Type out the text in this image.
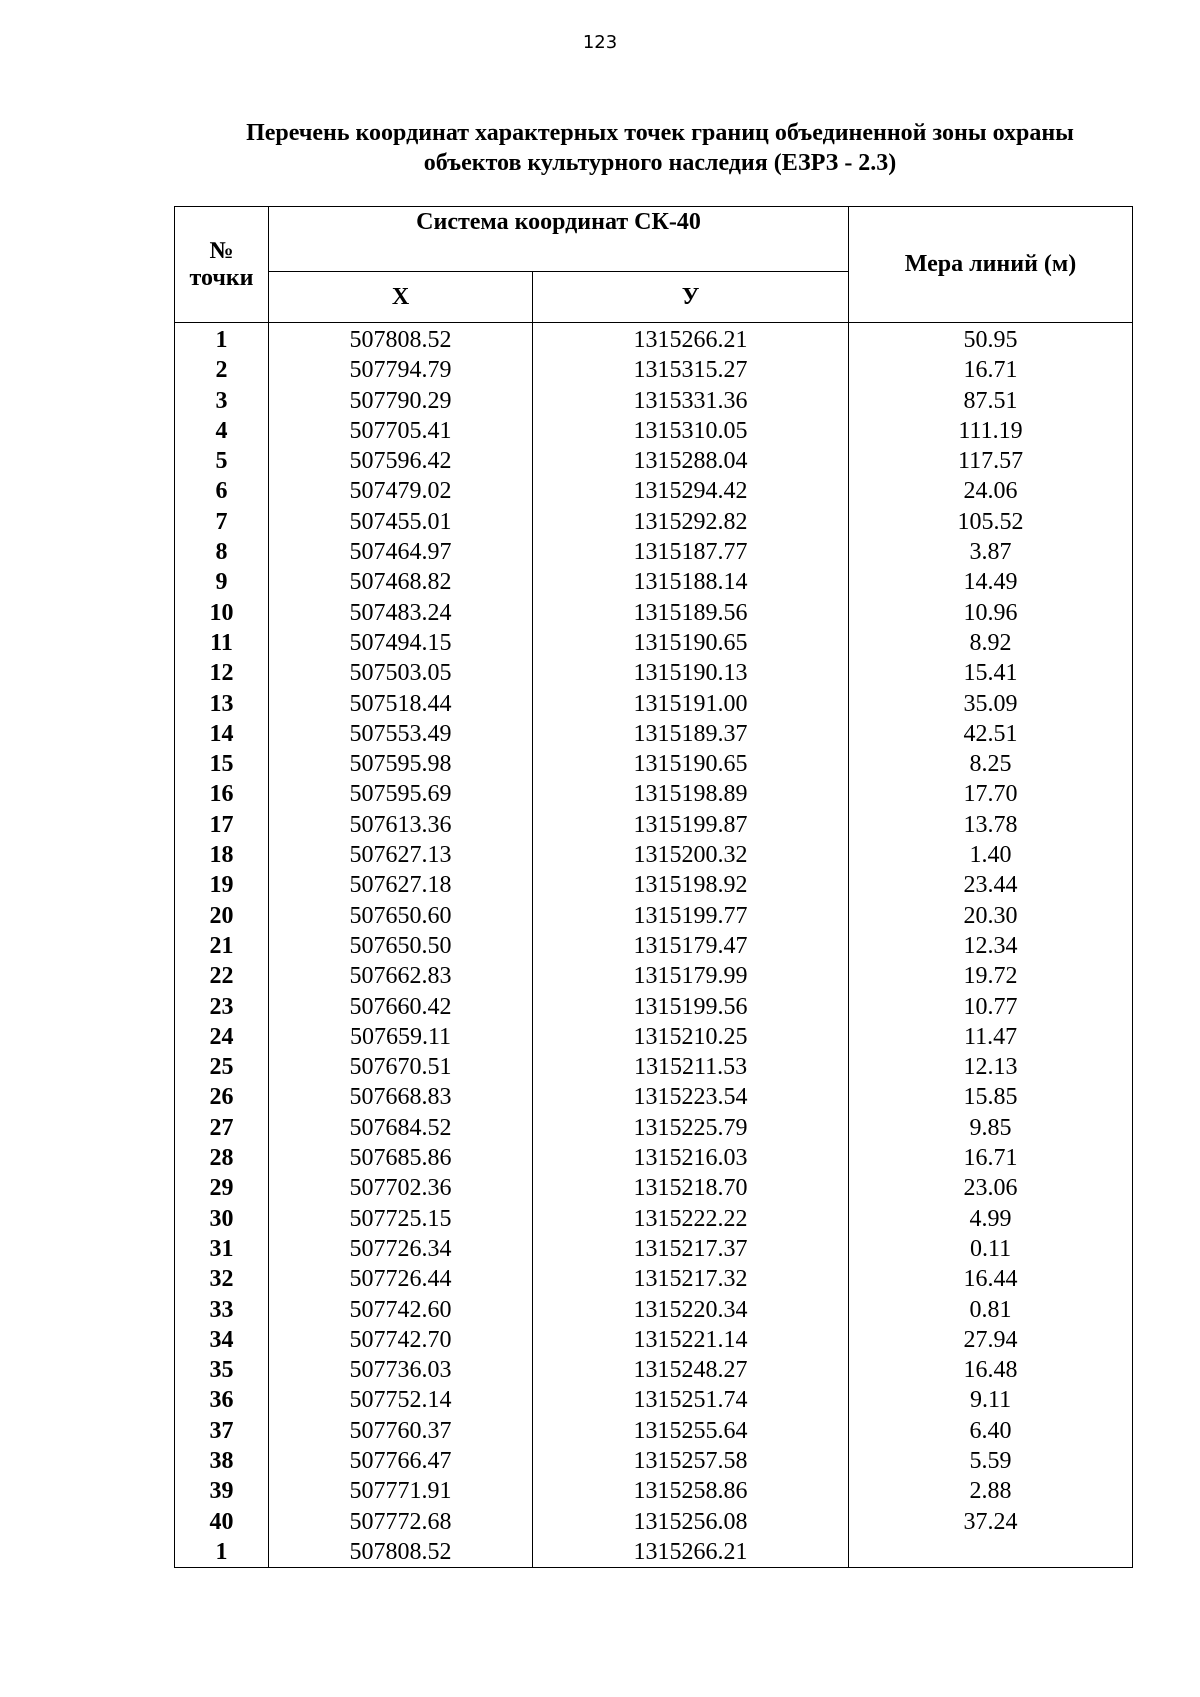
123
Перечень координат характерных точек границ объединенной зоны охраны
объектов культурного наследия (ЕЗРЗ - 2.3)
№
точки	Система координат СК-40		Мера линий (м)
	Х	У	
1	507808.52	1315266.21	50.95
2	507794.79	1315315.27	16.71
3	507790.29	1315331.36	87.51
4	507705.41	1315310.05	111.19
5	507596.42	1315288.04	117.57
6	507479.02	1315294.42	24.06
7	507455.01	1315292.82	105.52
8	507464.97	1315187.77	3.87
9	507468.82	1315188.14	14.49
10	507483.24	1315189.56	10.96
11	507494.15	1315190.65	8.92
12	507503.05	1315190.13	15.41
13	507518.44	1315191.00	35.09
14	507553.49	1315189.37	42.51
15	507595.98	1315190.65	8.25
16	507595.69	1315198.89	17.70
17	507613.36	1315199.87	13.78
18	507627.13	1315200.32	1.40
19	507627.18	1315198.92	23.44
20	507650.60	1315199.77	20.30
21	507650.50	1315179.47	12.34
22	507662.83	1315179.99	19.72
23	507660.42	1315199.56	10.77
24	507659.11	1315210.25	11.47
25	507670.51	1315211.53	12.13
26	507668.83	1315223.54	15.85
27	507684.52	1315225.79	9.85
28	507685.86	1315216.03	16.71
29	507702.36	1315218.70	23.06
30	507725.15	1315222.22	4.99
31	507726.34	1315217.37	0.11
32	507726.44	1315217.32	16.44
33	507742.60	1315220.34	0.81
34	507742.70	1315221.14	27.94
35	507736.03	1315248.27	16.48
36	507752.14	1315251.74	9.11
37	507760.37	1315255.64	6.40
38	507766.47	1315257.58	5.59
39	507771.91	1315258.86	2.88
40	507772.68	1315256.08	37.24
1	507808.52	1315266.21	
